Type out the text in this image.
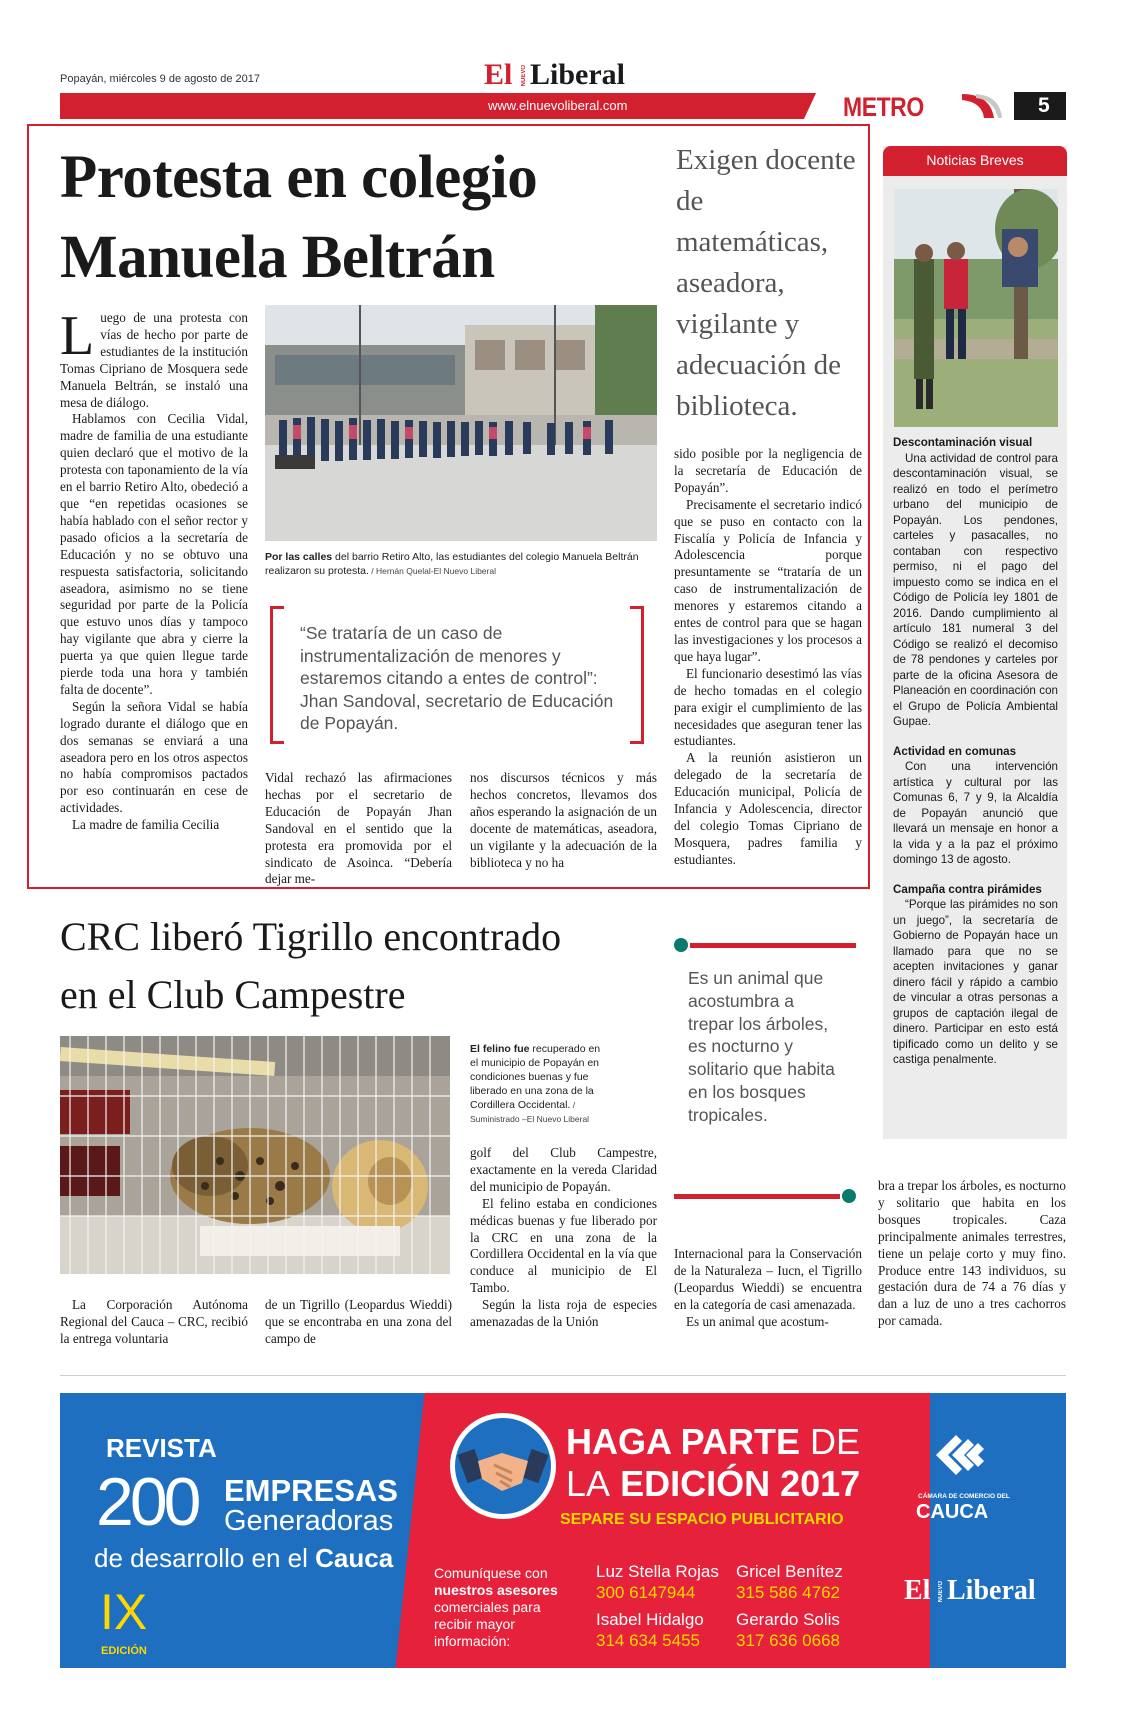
Popayán, miércoles 9 de agosto de 2017	El NUEVO Liberal
www.elnuevoliberal.com	METRO	5
Protesta en colegio
Manuela Beltrán
Exigen docente de matemáticas, aseadora, vigilante y adecuación de biblioteca.

Luego de una protesta con vías de hecho por parte de estudiantes de la institución Tomas Cipriano de Mosquera sede Manuela Beltrán, se instaló una mesa de diálogo.

Hablamos con Cecilia Vidal, madre de familia de una estudiante quien declaró que el motivo de la protesta con taponamiento de la vía en el barrio Retiro Alto, obedeció a que “en repetidas ocasiones se había hablado con el señor rector y pasado oficios a la secretaría de Educación y no se obtuvo una respuesta satisfactoria, solicitando aseadora, asimismo no se tiene seguridad por parte de la Policía que estuvo unos días y tampoco hay vigilante que abra y cierre la puerta ya que quien llegue tarde pierde toda una hora y también falta de docente”.

Según la señora Vidal se había logrado durante el diálogo que en dos semanas se enviará a una aseadora pero en los otros aspectos no había compromisos pactados por eso continuarán en cese de actividades.

La madre de familia Cecilia

Por las calles del barrio Retiro Alto, las estudiantes del colegio Manuela Beltrán realizaron su protesta. / Hernán Quelal-El Nuevo Liberal
“Se trataría de un caso de instrumentalización de menores y estaremos citando a entes de control”: Jhan Sandoval, secretario de Educación de Popayán.

Vidal rechazó las afirmaciones hechas por el secretario de Educación de Popayán Jhan Sandoval en el sentido que la protesta era promovida por el sindicato de Asoinca. “Debería dejar me-

nos discursos técnicos y más hechos concretos, llevamos dos años esperando la asignación de un docente de matemáticas, aseadora, un vigilante y la adecuación de la biblioteca y no ha

sido posible por la negligencia de la secretaría de Educación de Popayán”.

Precisamente el secretario indicó que se puso en contacto con la Fiscalía y Policía de Infancia y Adolescencia porque presuntamente se “trataría de un caso de instrumentalización de menores y estaremos citando a entes de control para que se hagan las investigaciones y los procesos a que haya lugar”.

El funcionario desestimó las vías de hecho tomadas en el colegio para exigir el cumplimiento de las necesidades que aseguran tener las estudiantes.

A la reunión asistieron un delegado de la secretaría de Educación municipal, Policía de Infancia y Adolescencia, director del colegio Tomas Cipriano de Mosquera, padres familia y estudiantes.

Noticias Breves
Descontaminación visual

Una actividad de control para descontaminación visual, se realizó en todo el perímetro urbano del municipio de Popayán. Los pendones, carteles y pasacalles, no contaban con respectivo permiso, ni el pago del impuesto como se indica en el Código de Policía ley 1801 de 2016. Dando cumplimiento al artículo 181 numeral 3 del Código se realizó el decomiso de 78 pendones y carteles por parte de la oficina Asesora de Planeación en coordinación con el Grupo de Policía Ambiental Gupae.

Actividad en comunas

Con una intervención artística y cultural por las Comunas 6, 7 y 9, la Alcaldía de Popayán anunció que llevará un mensaje en honor a la vida y a la paz el próximo domingo 13 de agosto.

Campaña contra pirámides

“Porque las pirámides no son un juego”, la secretaría de Gobierno de Popayán hace un llamado para que no se acepten invitaciones y ganar dinero fácil y rápido a cambio de vincular a otras personas a grupos de captación ilegal de dinero. Participar en esto está tipificado como un delito y se castiga penalmente.

CRC liberó Tigrillo encontrado
en el Club Campestre	Es un animal que acostumbra a trepar los árboles, es nocturno y solitario que habita en los bosques tropicales.
El felino fue recuperado en el municipio de Popayán en condiciones buenas y fue liberado en una zona de la Cordillera Occidental. / Suministrado –El Nuevo Liberal

La Corporación Autónoma Regional del Cauca – CRC, recibió la entrega voluntaria

de un Tigrillo (Leopardus Wieddi) que se encontraba en una zona del campo de

golf del Club Campestre, exactamente en la vereda Claridad del municipio de Popayán.

El felino estaba en condiciones médicas buenas y fue liberado por la CRC en una zona de la Cordillera Occidental en la vía que conduce al municipio de El Tambo.

Según la lista roja de especies amenazadas de la Unión

Internacional para la Conservación de la Naturaleza – Iucn, el Tigrillo (Leopardus Wieddi) se encuentra en la categoría de casi amenazada.

Es un animal que acostum-

bra a trepar los árboles, es nocturno y solitario que habita en los bosques tropicales. Caza principalmente animales terrestres, tiene un pelaje corto y muy fino. Produce entre 143 individuos, su gestación dura de 74 a 76 días y dan a luz de uno a tres cachorros por camada.

REVISTA
200 EMPRESAS
Generadoras
de desarrollo en el Cauca
IX
EDICIÓN
HAGA PARTE DE
LA EDICIÓN 2017
SEPARE SU ESPACIO PUBLICITARIO
Comuníquese con
nuestros asesores
comerciales para recibir mayor información:
Luz Stella Rojas
300 6147944
Gricel Benítez
315 586 4762
Isabel Hidalgo
314 634 5455
Gerardo Solis
317 636 0668
CÁMARA DE COMERCIO DEL
CAUCA
El NUEVO Liberal
